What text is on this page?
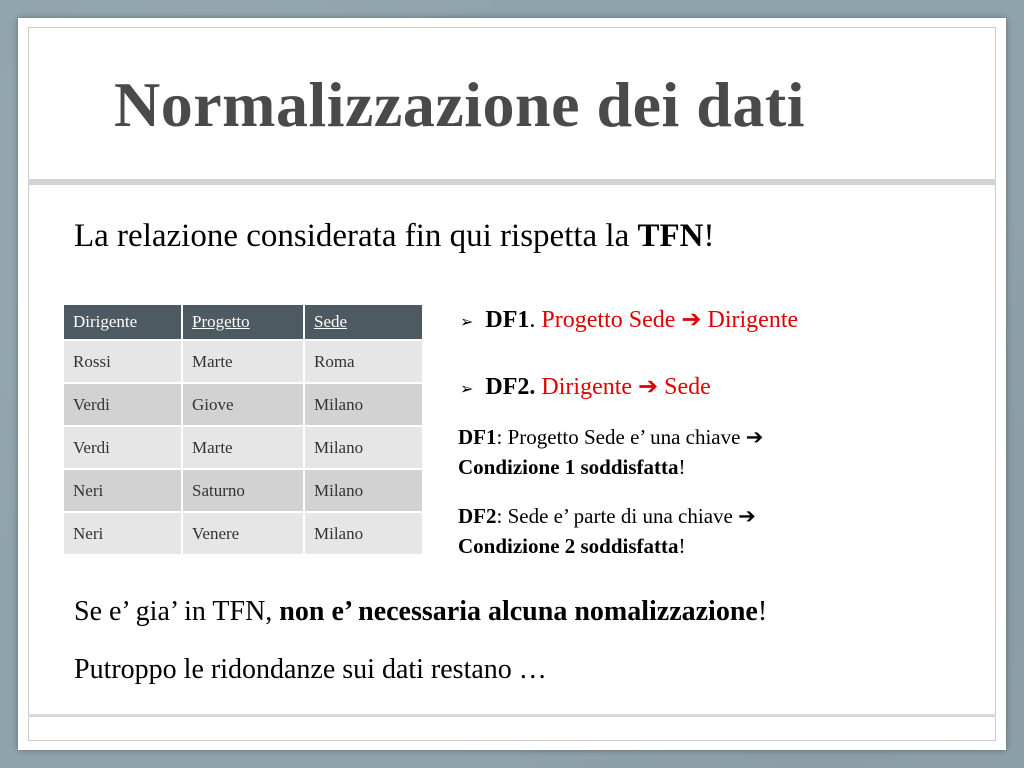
Normalizzazione dei dati
La relazione considerata fin qui rispetta la TFN!
Dirigente	Progetto	Sede
Rossi	Marte	Roma
Verdi	Giove	Milano
Verdi	Marte	Milano
Neri	Saturno	Milano
Neri	Venere	Milano
➢ DF1. Progetto Sede ➔ Dirigente
➢ DF2. Dirigente ➔ Sede
DF1: Progetto Sede e’ una chiave ➔
Condizione 1 soddisfatta!
DF2: Sede e’ parte di una chiave ➔
Condizione 2 soddisfatta!
Se e’ gia’ in TFN, non e’ necessaria alcuna nomalizzazione!
Putroppo le ridondanze sui dati restano …
